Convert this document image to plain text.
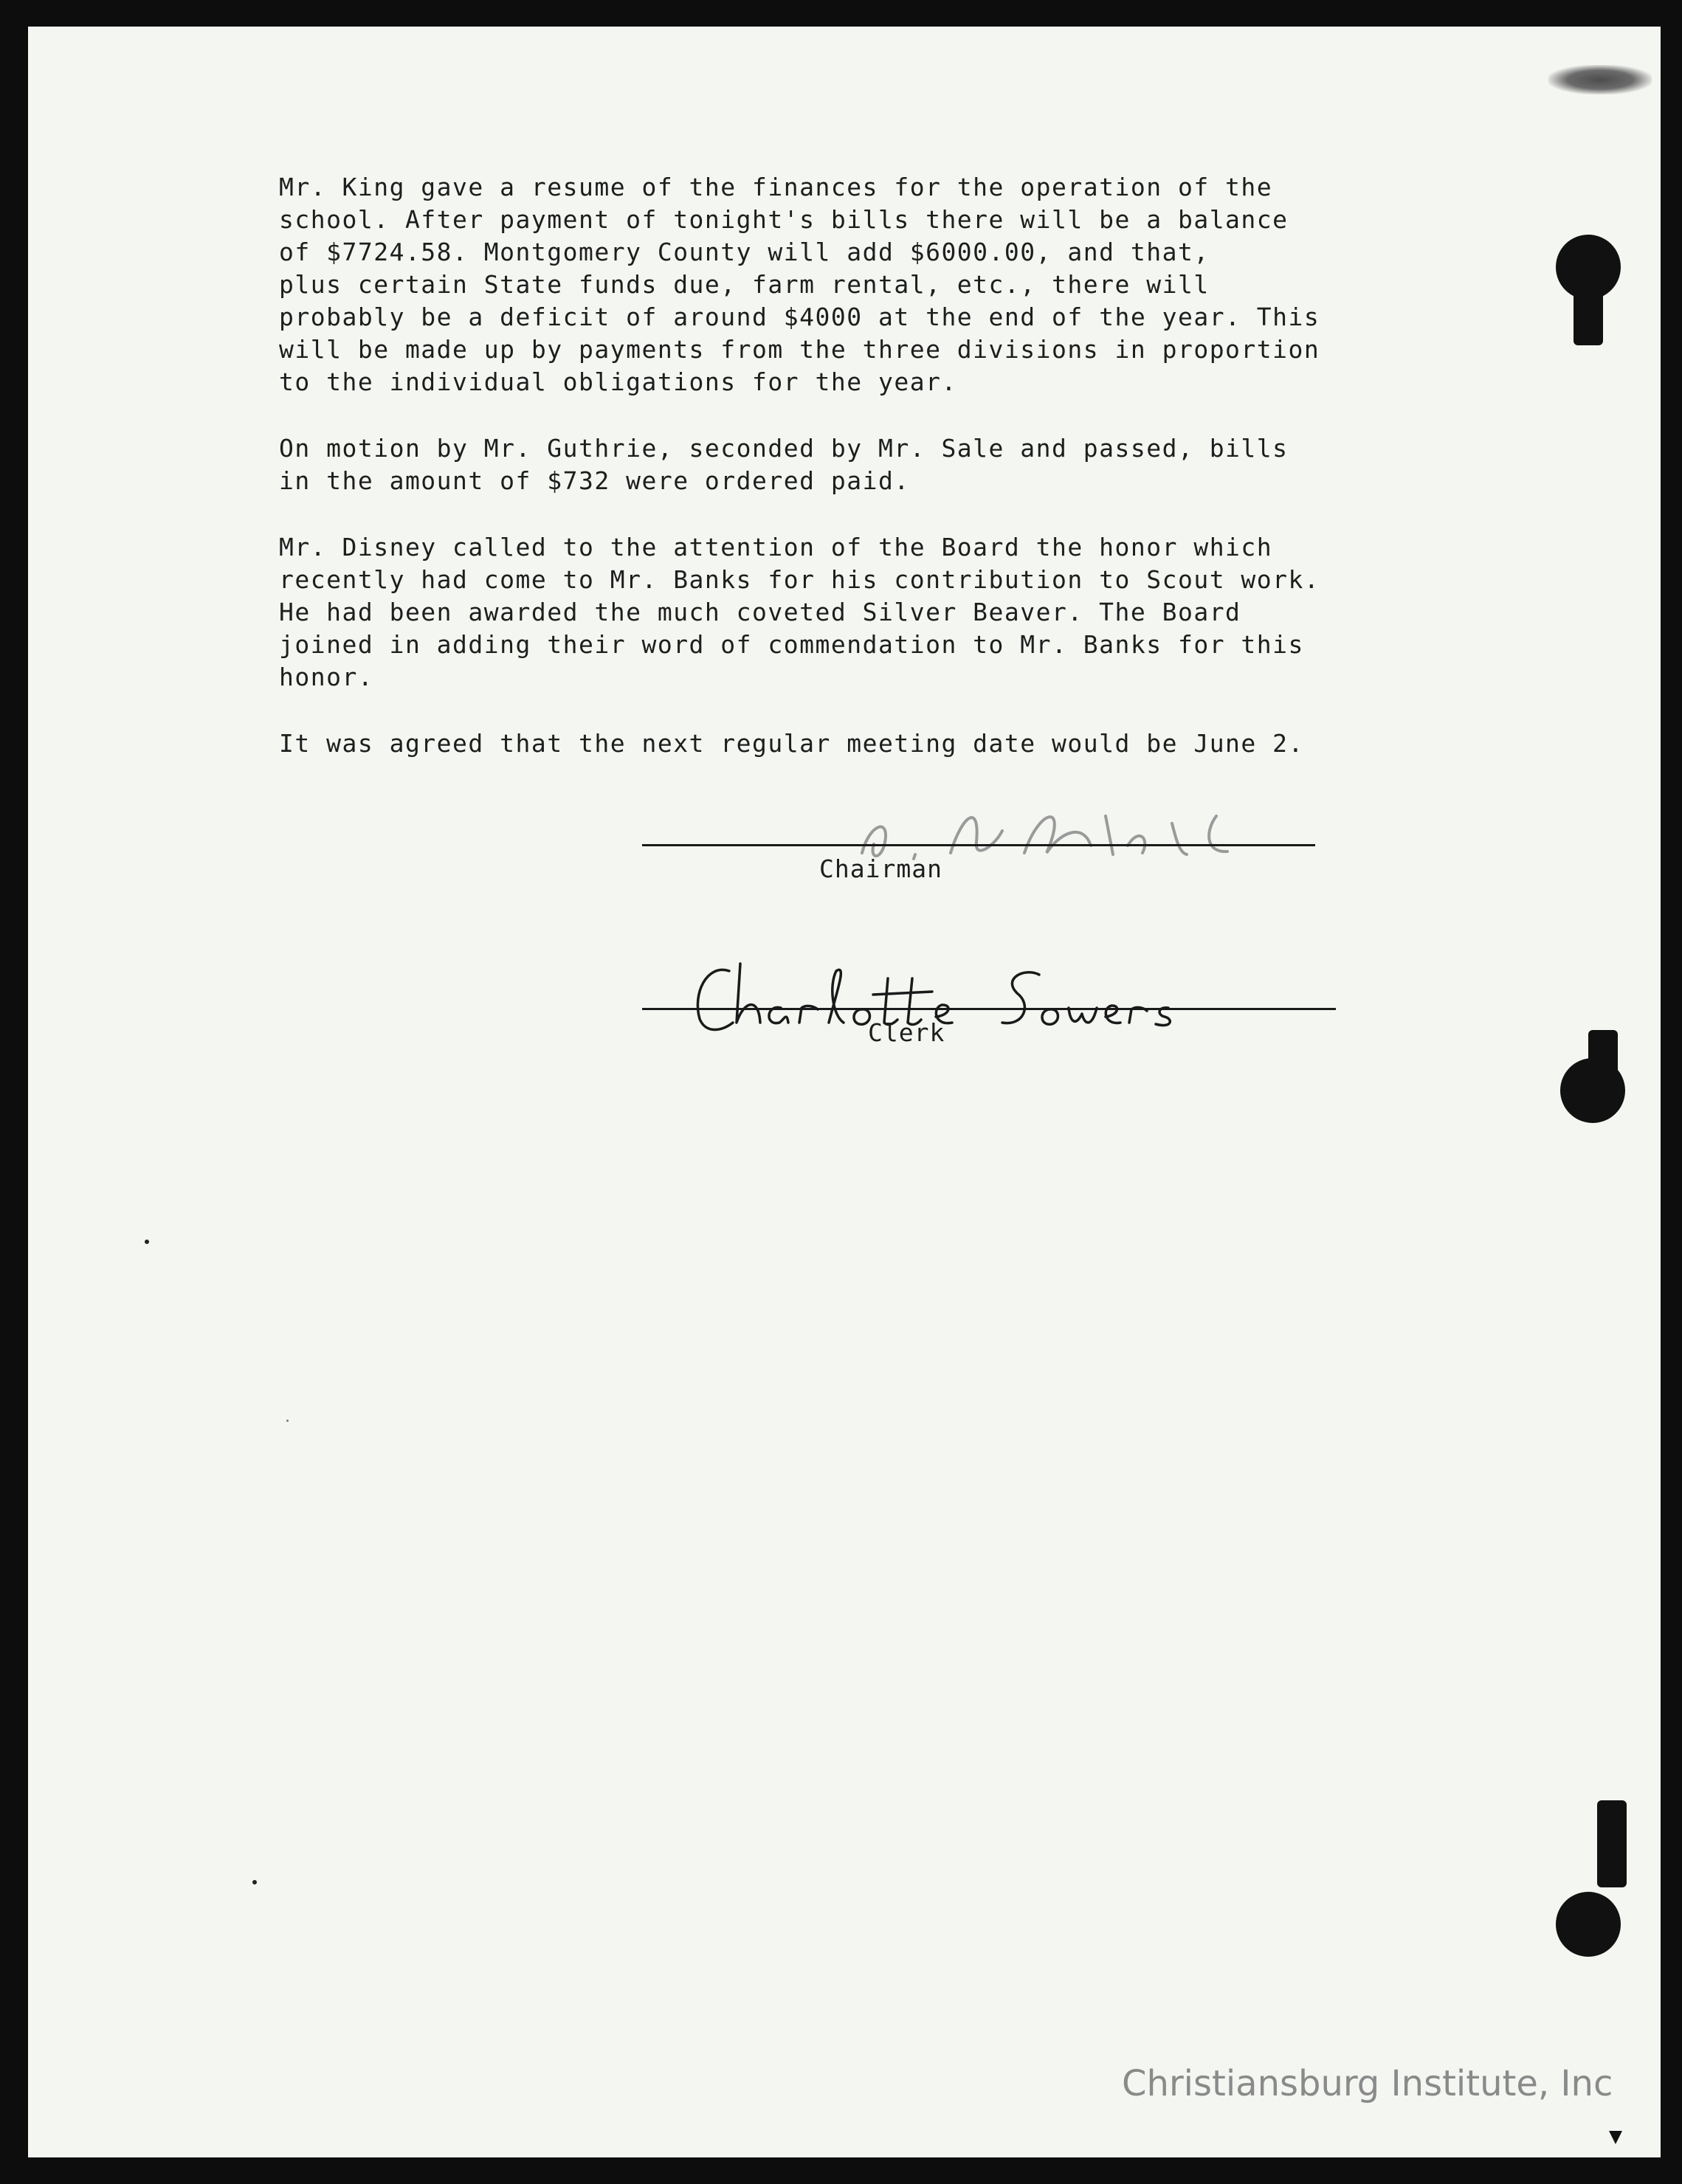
Mr. King gave a resume of the finances for the operation of the
school. After payment of tonight's bills there will be a balance
of $7724.58. Montgomery County will add $6000.00, and that,
plus certain State funds due, farm rental, etc., there will
probably be a deficit of around $4000 at the end of the year. This
will be made up by payments from the three divisions in proportion
to the individual obligations for the year.

On motion by Mr. Guthrie, seconded by Mr. Sale and passed, bills
in the amount of $732 were ordered paid.

Mr. Disney called to the attention of the Board the honor which
recently had come to Mr. Banks for his contribution to Scout work.
He had been awarded the much coveted Silver Beaver. The Board
joined in adding their word of commendation to Mr. Banks for this
honor.

It was agreed that the next regular meeting date would be June 2.

Chairman
Clerk
Christiansburg Institute, Inc
